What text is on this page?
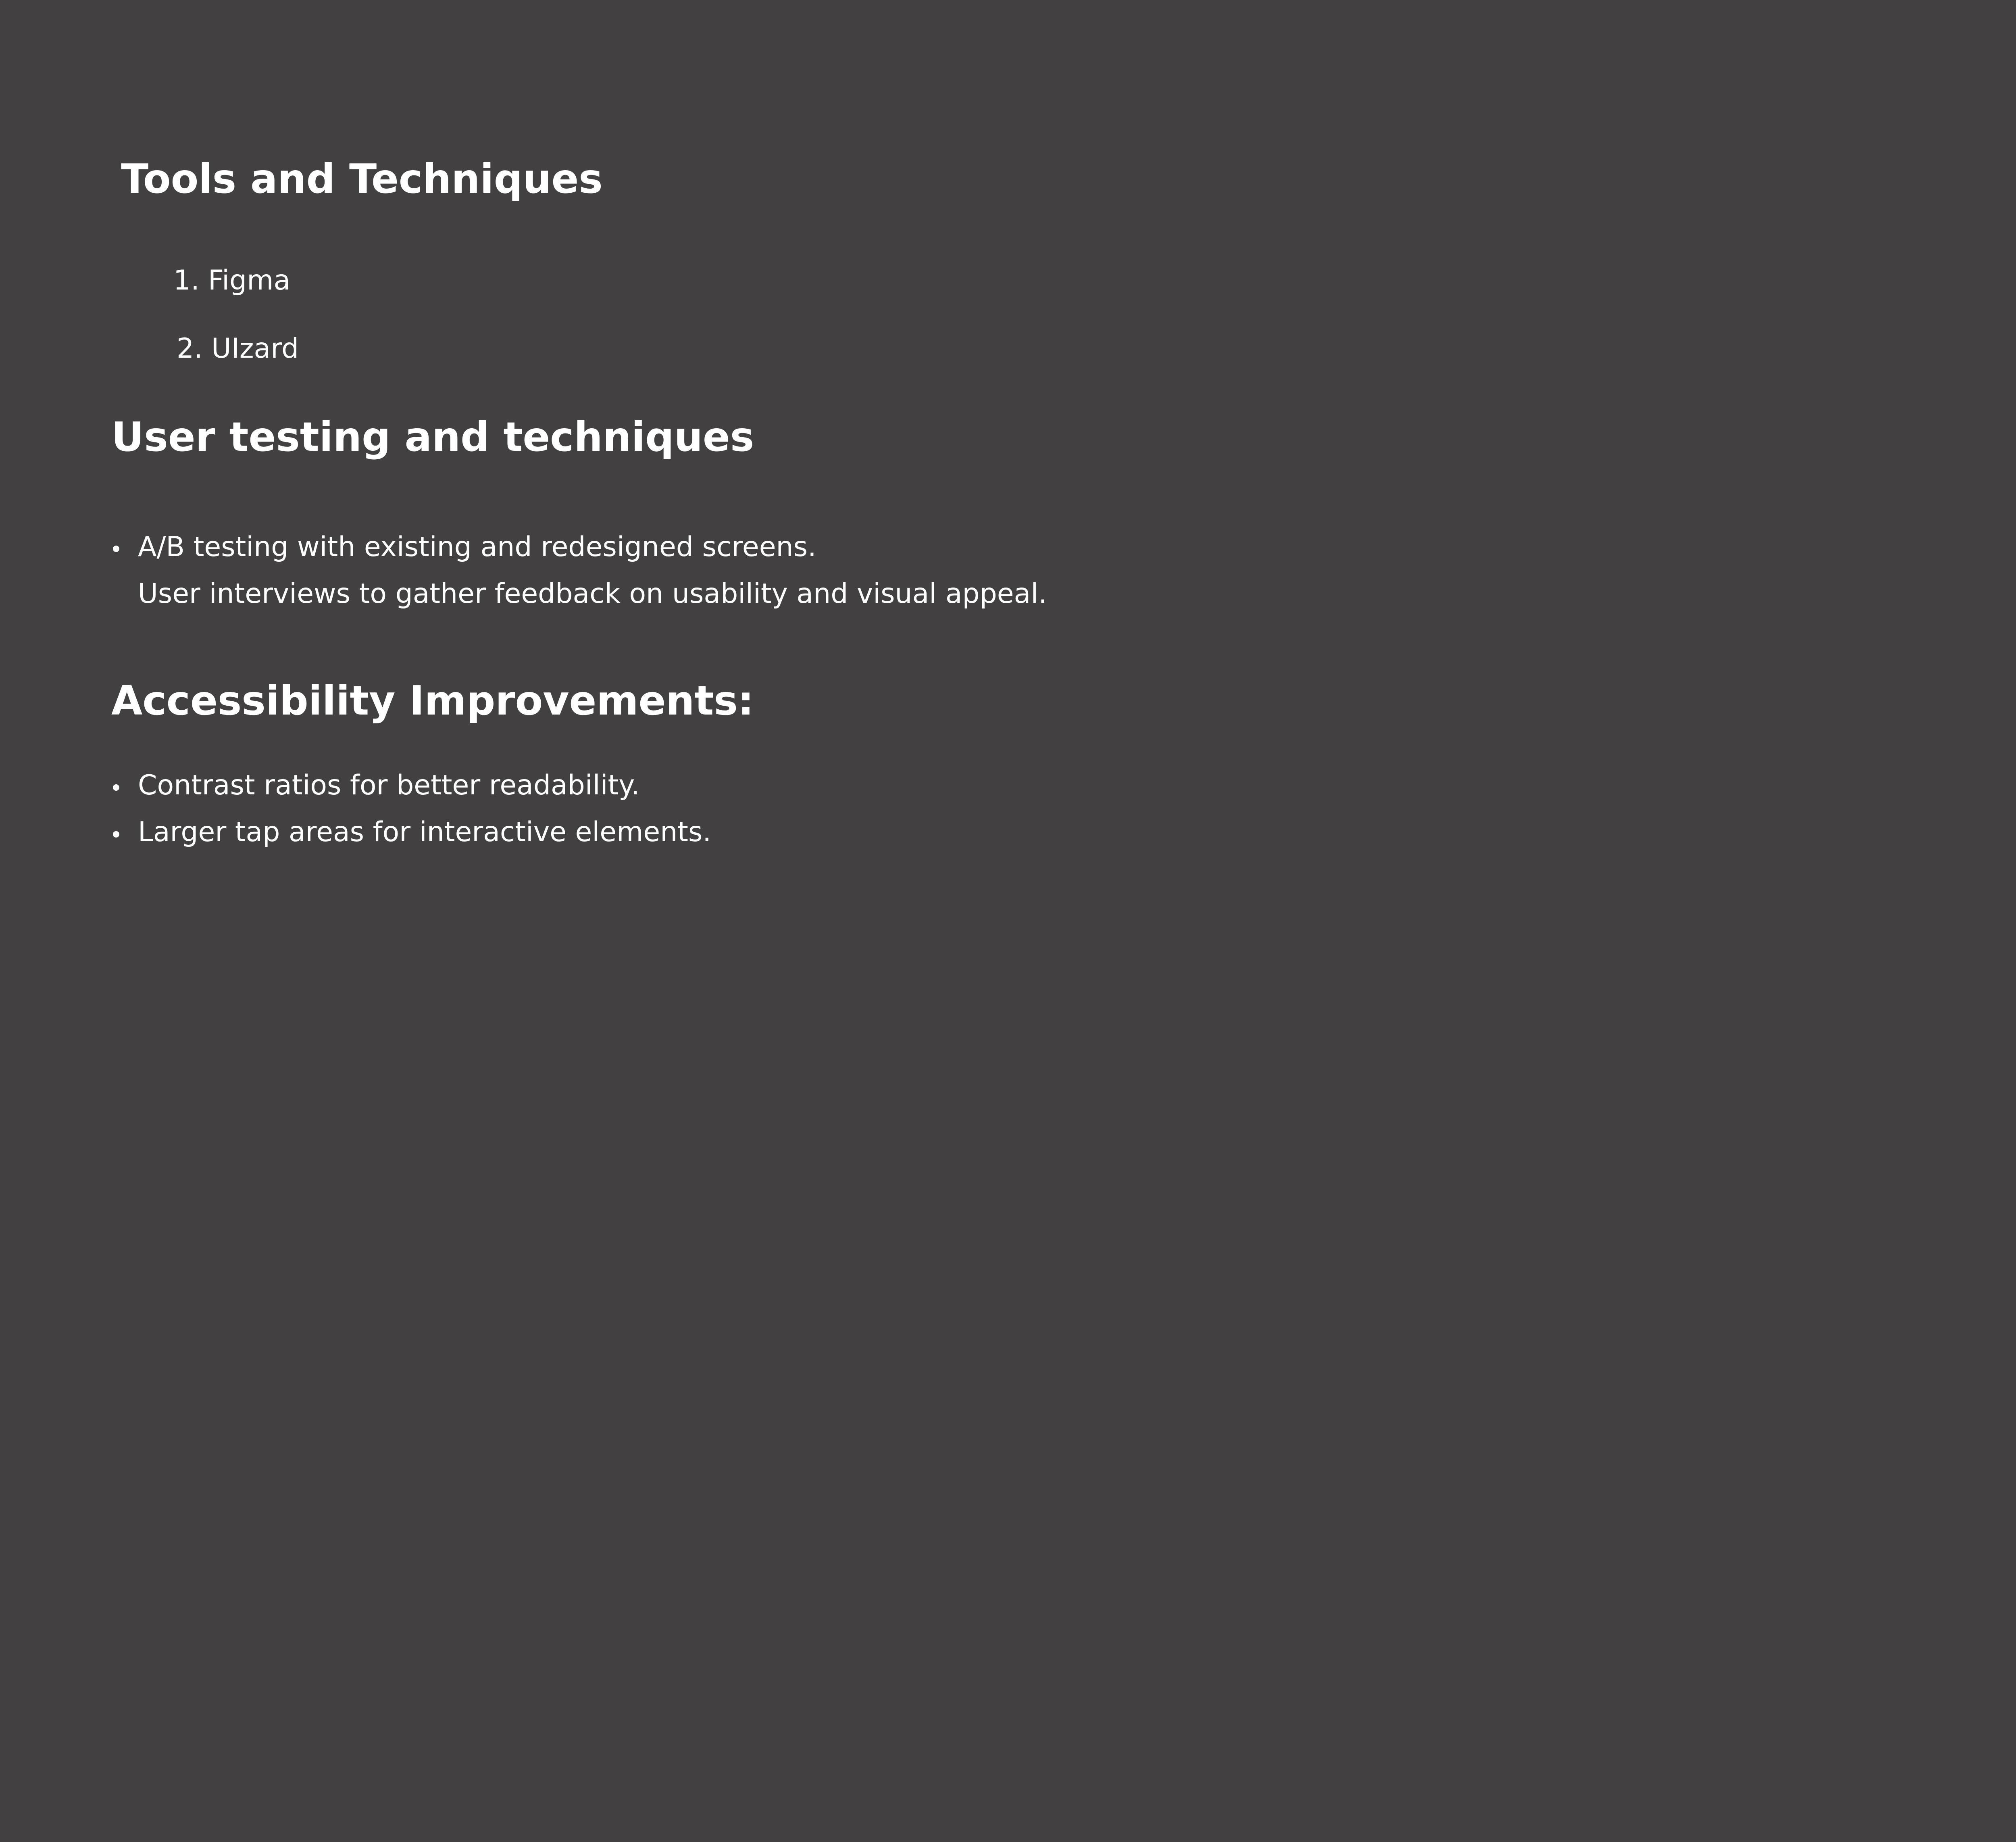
Tools and Techniques
1. Figma
2. UIzard
User testing and techniques
A/B testing with existing and redesigned screens.
User interviews to gather feedback on usability and visual appeal.
Accessibility Improvements:
Contrast ratios for better readability.
Larger tap areas for interactive elements.
